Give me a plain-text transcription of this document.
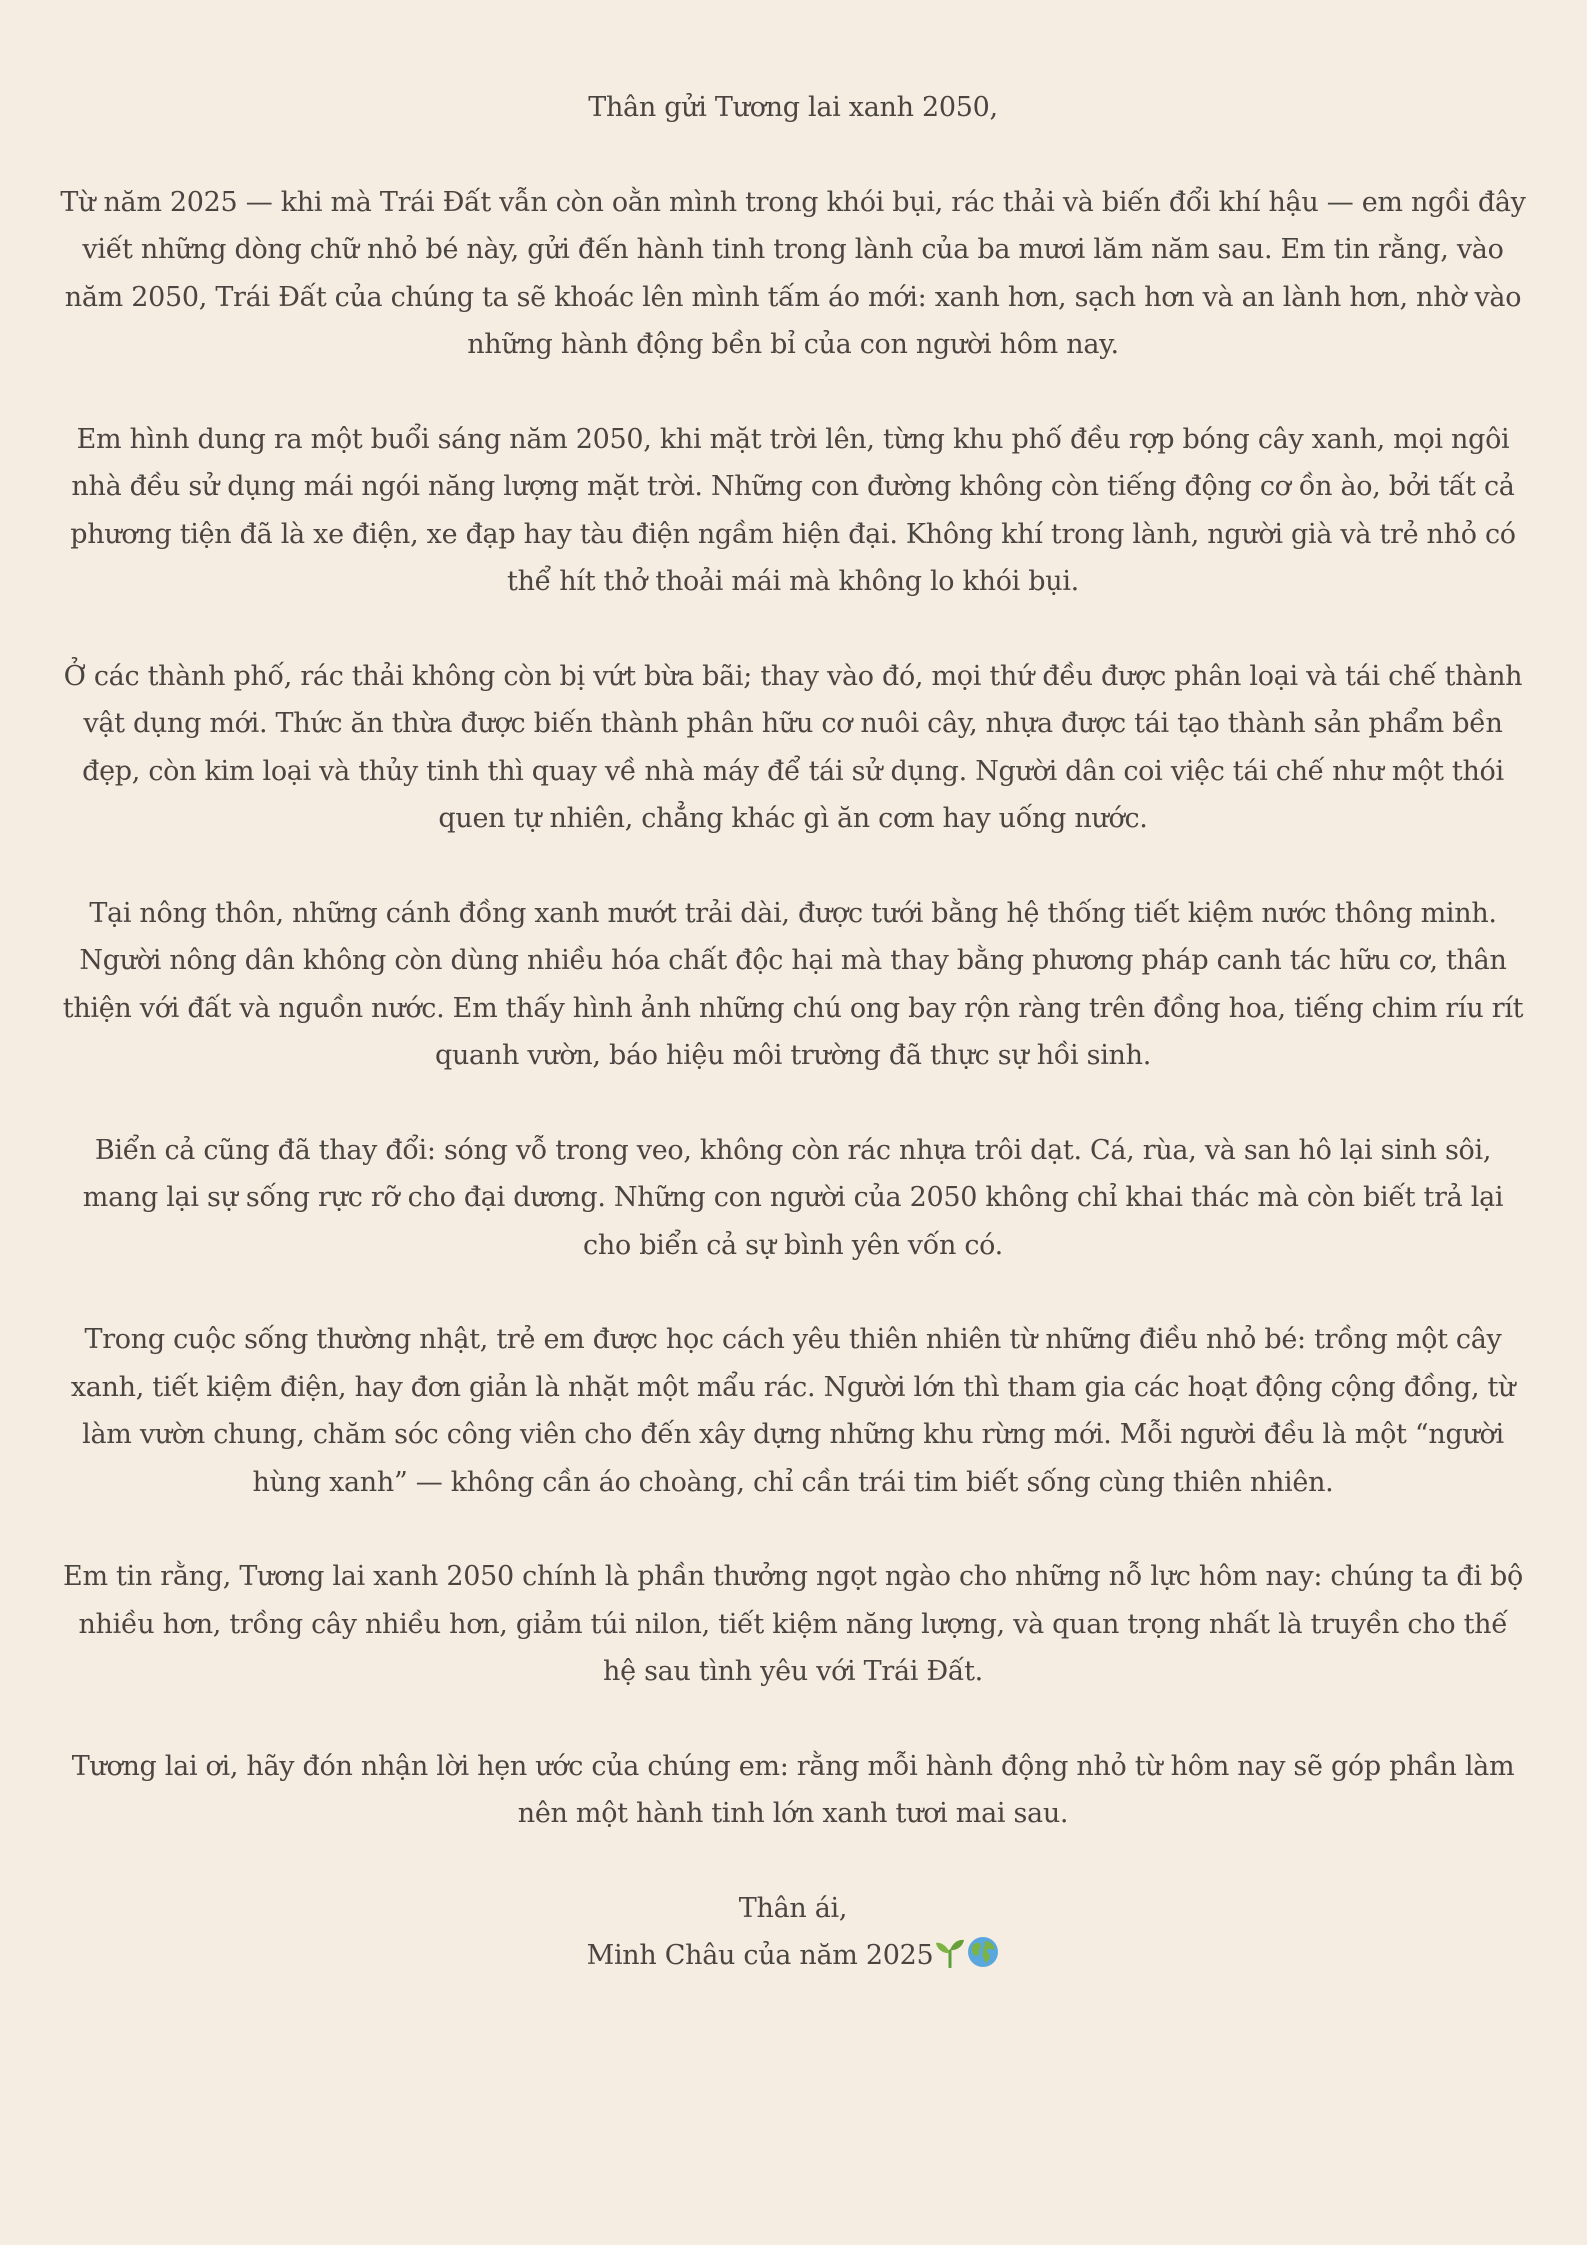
Thân gửi Tương lai xanh 2050,

Từ năm 2025 — khi mà Trái Đất vẫn còn oằn mình trong khói bụi, rác thải và biến đổi khí hậu — em ngồi đây viết những dòng chữ nhỏ bé này, gửi đến hành tinh trong lành của ba mươi lăm năm sau. Em tin rằng, vào năm 2050, Trái Đất của chúng ta sẽ khoác lên mình tấm áo mới: xanh hơn, sạch hơn và an lành hơn, nhờ vào những hành động bền bỉ của con người hôm nay.

Em hình dung ra một buổi sáng năm 2050, khi mặt trời lên, từng khu phố đều rợp bóng cây xanh, mọi ngôi nhà đều sử dụng mái ngói năng lượng mặt trời. Những con đường không còn tiếng động cơ ồn ào, bởi tất cả phương tiện đã là xe điện, xe đạp hay tàu điện ngầm hiện đại. Không khí trong lành, người già và trẻ nhỏ có thể hít thở thoải mái mà không lo khói bụi.

Ở các thành phố, rác thải không còn bị vứt bừa bãi; thay vào đó, mọi thứ đều được phân loại và tái chế thành vật dụng mới. Thức ăn thừa được biến thành phân hữu cơ nuôi cây, nhựa được tái tạo thành sản phẩm bền đẹp, còn kim loại và thủy tinh thì quay về nhà máy để tái sử dụng. Người dân coi việc tái chế như một thói quen tự nhiên, chẳng khác gì ăn cơm hay uống nước.

Tại nông thôn, những cánh đồng xanh mướt trải dài, được tưới bằng hệ thống tiết kiệm nước thông minh. Người nông dân không còn dùng nhiều hóa chất độc hại mà thay bằng phương pháp canh tác hữu cơ, thân thiện với đất và nguồn nước. Em thấy hình ảnh những chú ong bay rộn ràng trên đồng hoa, tiếng chim ríu rít quanh vườn, báo hiệu môi trường đã thực sự hồi sinh.

Biển cả cũng đã thay đổi: sóng vỗ trong veo, không còn rác nhựa trôi dạt. Cá, rùa, và san hô lại sinh sôi, mang lại sự sống rực rỡ cho đại dương. Những con người của 2050 không chỉ khai thác mà còn biết trả lại cho biển cả sự bình yên vốn có.

Trong cuộc sống thường nhật, trẻ em được học cách yêu thiên nhiên từ những điều nhỏ bé: trồng một cây xanh, tiết kiệm điện, hay đơn giản là nhặt một mẩu rác. Người lớn thì tham gia các hoạt động cộng đồng, từ làm vườn chung, chăm sóc công viên cho đến xây dựng những khu rừng mới. Mỗi người đều là một “người hùng xanh” — không cần áo choàng, chỉ cần trái tim biết sống cùng thiên nhiên.

Em tin rằng, Tương lai xanh 2050 chính là phần thưởng ngọt ngào cho những nỗ lực hôm nay: chúng ta đi bộ nhiều hơn, trồng cây nhiều hơn, giảm túi nilon, tiết kiệm năng lượng, và quan trọng nhất là truyền cho thế hệ sau tình yêu với Trái Đất.

Tương lai ơi, hãy đón nhận lời hẹn ước của chúng em: rằng mỗi hành động nhỏ từ hôm nay sẽ góp phần làm nên một hành tinh lớn xanh tươi mai sau.

Thân ái,
Minh Châu của năm 2025
